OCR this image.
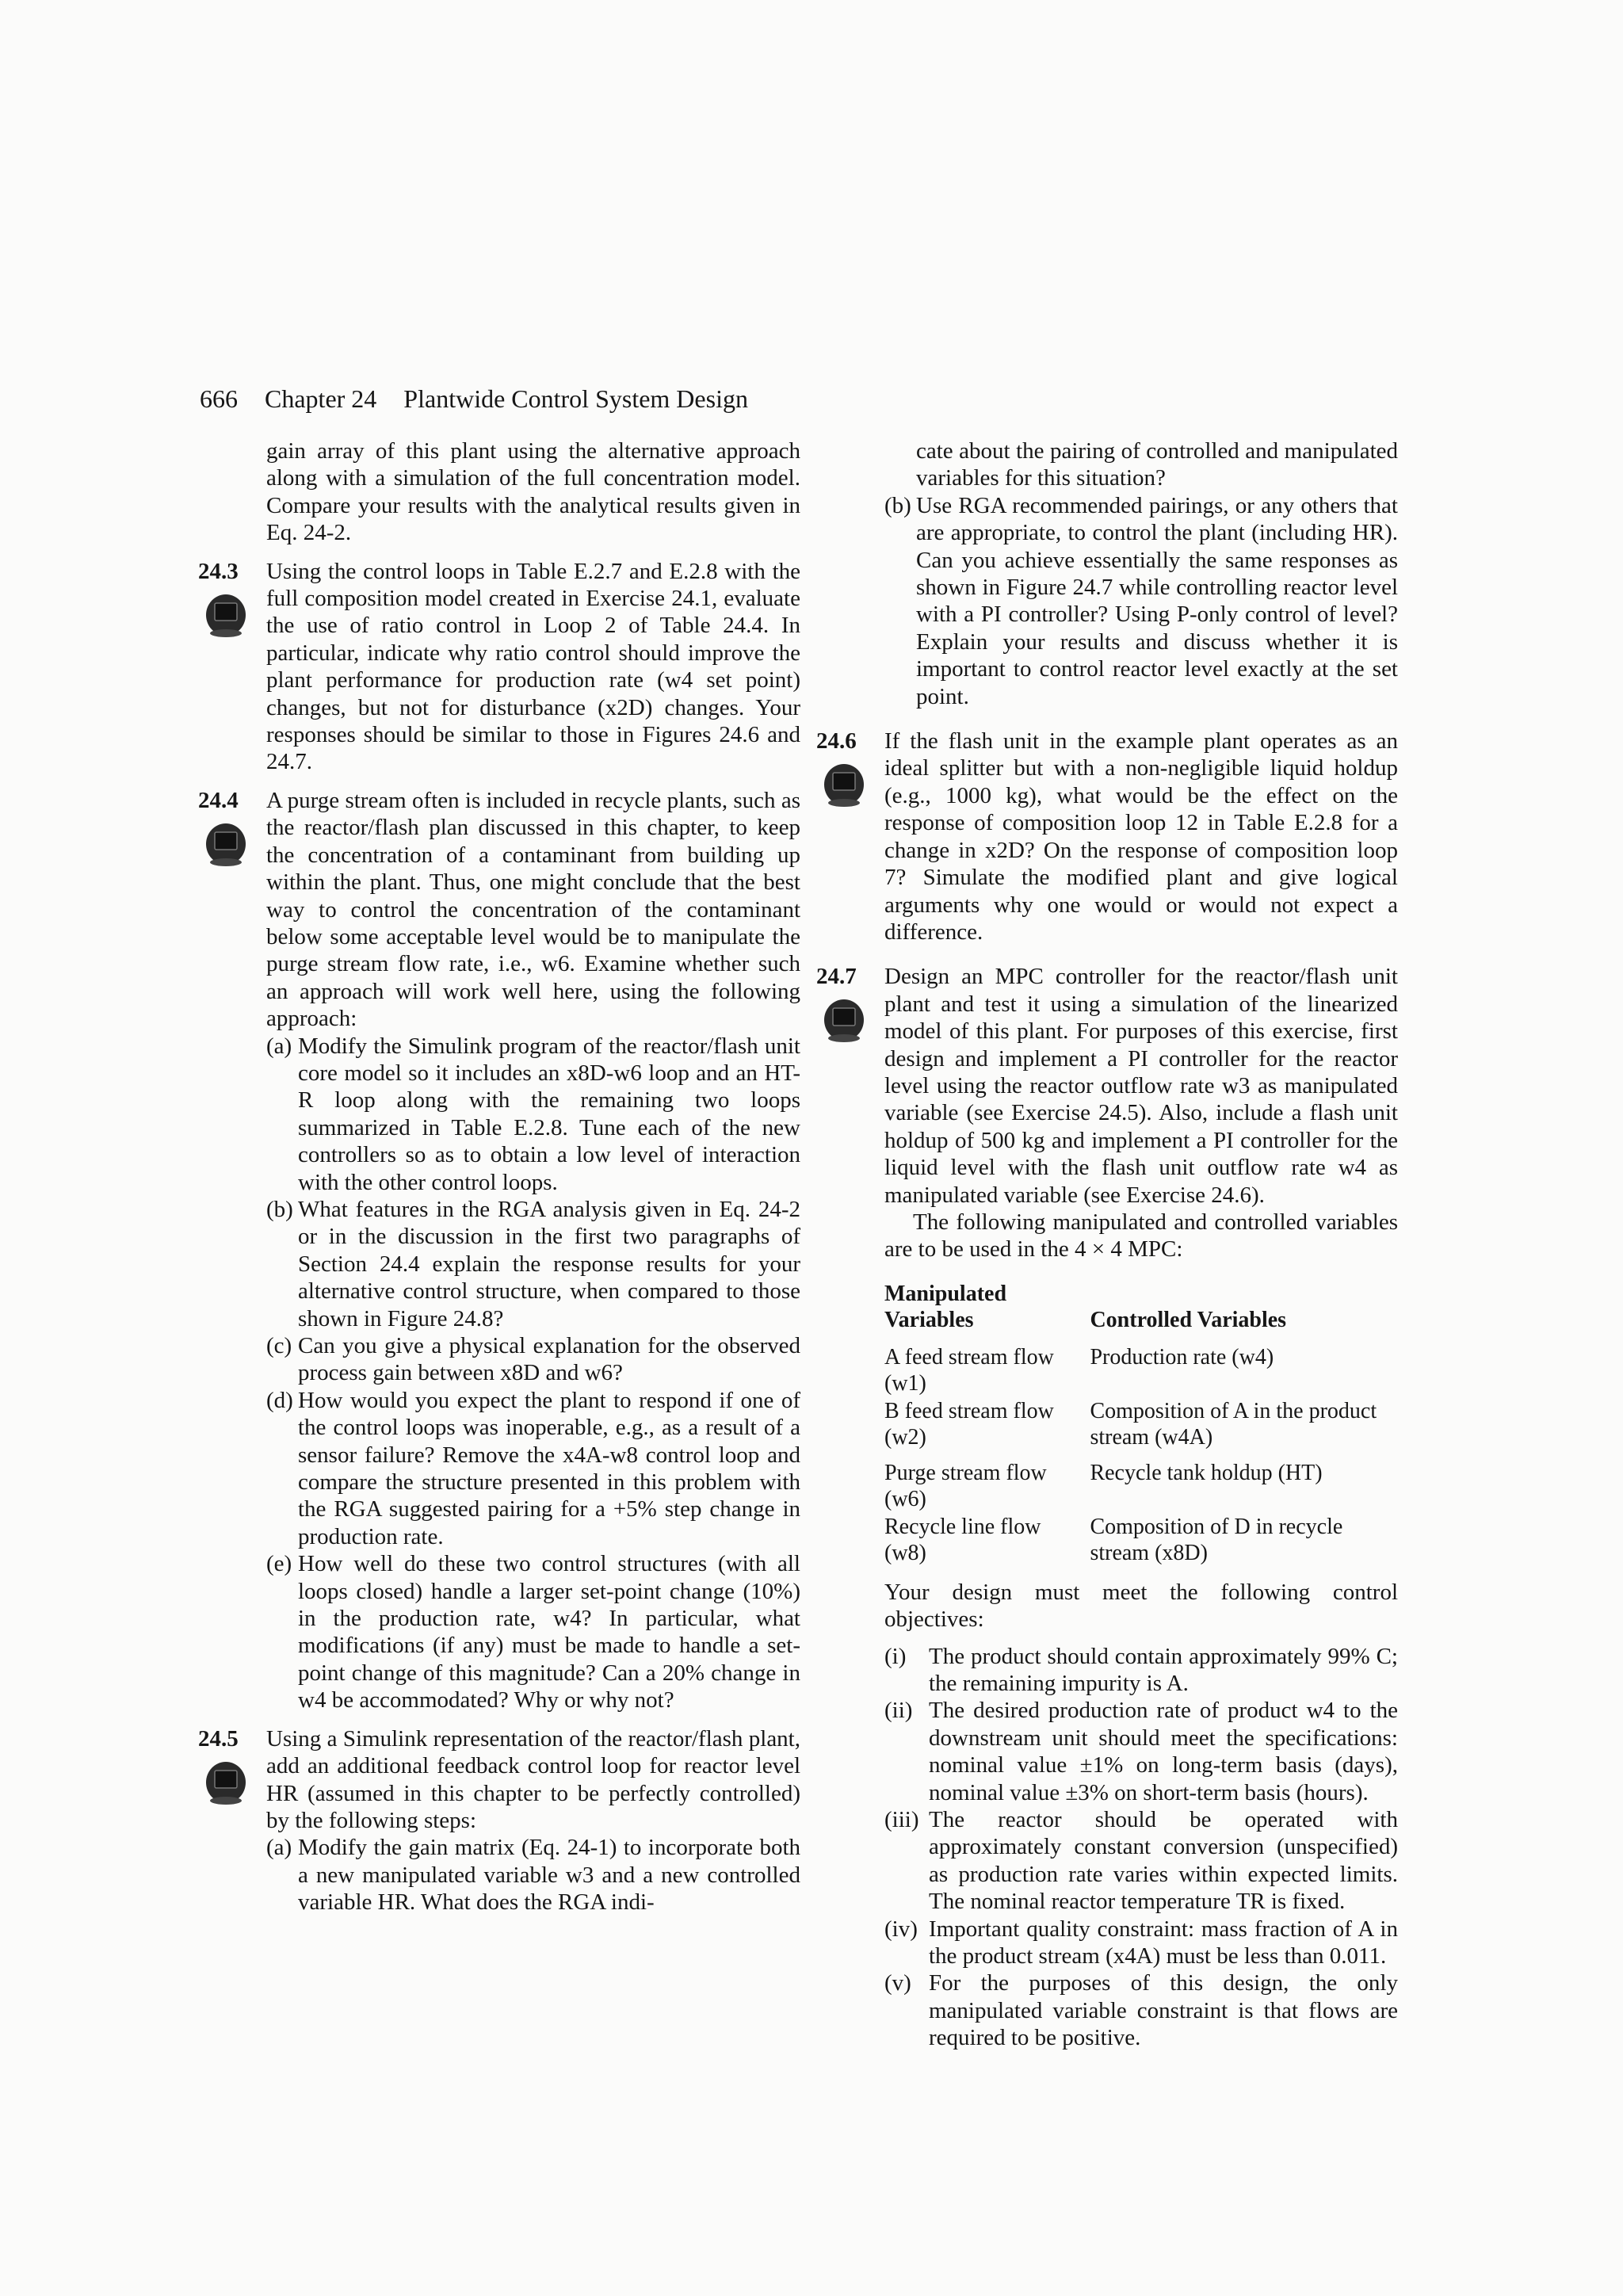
666 Chapter 24 Plantwide Control System Design

gain array of this plant using the alternative approach along with a simulation of the full concentration model. Compare your results with the analytical results given in Eq. 24-2.

24.3	Using the control loops in Table E.2.7 and E.2.8 with the full composition model created in Exercise 24.1, evaluate the use of ratio control in Loop 2 of Table 24.4. In particular, indicate why ratio control should improve the plant performance for production rate (w4 set point) changes, but not for disturbance (x2D) changes. Your responses should be similar to those in Figures 24.6 and 24.7.

24.4	A purge stream often is included in recycle plants, such as the reactor/flash plan discussed in this chapter, to keep the concentration of a contaminant from building up within the plant. Thus, one might conclude that the best way to control the concentration of the contaminant below some acceptable level would be to manipulate the purge stream flow rate, i.e., w6. Examine whether such an approach will work well here, using the following approach:

(a) Modify the Simulink program of the reactor/flash unit core model so it includes an x8D-w6 loop and an HT-R loop along with the remaining two loops summarized in Table E.2.8. Tune each of the new controllers so as to obtain a low level of interaction with the other control loops.

(b) What features in the RGA analysis given in Eq. 24-2 or in the discussion in the first two paragraphs of Section 24.4 explain the response results for your alternative control structure, when compared to those shown in Figure 24.8?

(c) Can you give a physical explanation for the observed process gain between x8D and w6?

(d) How would you expect the plant to respond if one of the control loops was inoperable, e.g., as a result of a sensor failure? Remove the x4A-w8 control loop and compare the structure presented in this problem with the RGA suggested pairing for a +5% step change in production rate.

(e) How well do these two control structures (with all loops closed) handle a larger set-point change (10%) in the production rate, w4? In particular, what modifications (if any) must be made to handle a set-point change of this magnitude? Can a 20% change in w4 be accommodated? Why or why not?

24.5	Using a Simulink representation of the reactor/flash plant, add an additional feedback control loop for reactor level HR (assumed in this chapter to be perfectly controlled) by the following steps:

(a) Modify the gain matrix (Eq. 24-1) to incorporate both a new manipulated variable w3 and a new controlled variable HR. What does the RGA indi-

cate about the pairing of controlled and manipulated variables for this situation?

(b) Use RGA recommended pairings, or any others that are appropriate, to control the plant (including HR). Can you achieve essentially the same responses as shown in Figure 24.7 while controlling reactor level with a PI controller? Using P-only control of level? Explain your results and discuss whether it is important to control reactor level exactly at the set point.

24.6	If the flash unit in the example plant operates as an ideal splitter but with a non-negligible liquid holdup (e.g., 1000 kg), what would be the effect on the response of composition loop 12 in Table E.2.8 for a change in x2D? On the response of composition loop 7? Simulate the modified plant and give logical arguments why one would or would not expect a difference.

24.7	Design an MPC controller for the reactor/flash unit plant and test it using a simulation of the linearized model of this plant. For purposes of this exercise, first design and implement a PI controller for the reactor level using the reactor outflow rate w3 as manipulated variable (see Exercise 24.5). Also, include a flash unit holdup of 500 kg and implement a PI controller for the liquid level with the flash unit outflow rate w4 as manipulated variable (see Exercise 24.6).

The following manipulated and controlled variables are to be used in the 4 × 4 MPC:

Manipulated Variables	Controlled Variables
A feed stream flow (w1)	Production rate (w4)
B feed stream flow (w2)	Composition of A in the product stream (w4A)
Purge stream flow (w6)	Recycle tank holdup (HT)
Recycle line flow (w8)	Composition of D in recycle stream (x8D)

Your design must meet the following control objectives:

(i) The product should contain approximately 99% C; the remaining impurity is A.

(ii) The desired production rate of product w4 to the downstream unit should meet the specifications: nominal value ±1% on long-term basis (days), nominal value ±3% on short-term basis (hours).

(iii) The reactor should be operated with approximately constant conversion (unspecified) as production rate varies within expected limits. The nominal reactor temperature TR is fixed.

(iv) Important quality constraint: mass fraction of A in the product stream (x4A) must be less than 0.011.

(v) For the purposes of this design, the only manipulated variable constraint is that flows are required to be positive.
